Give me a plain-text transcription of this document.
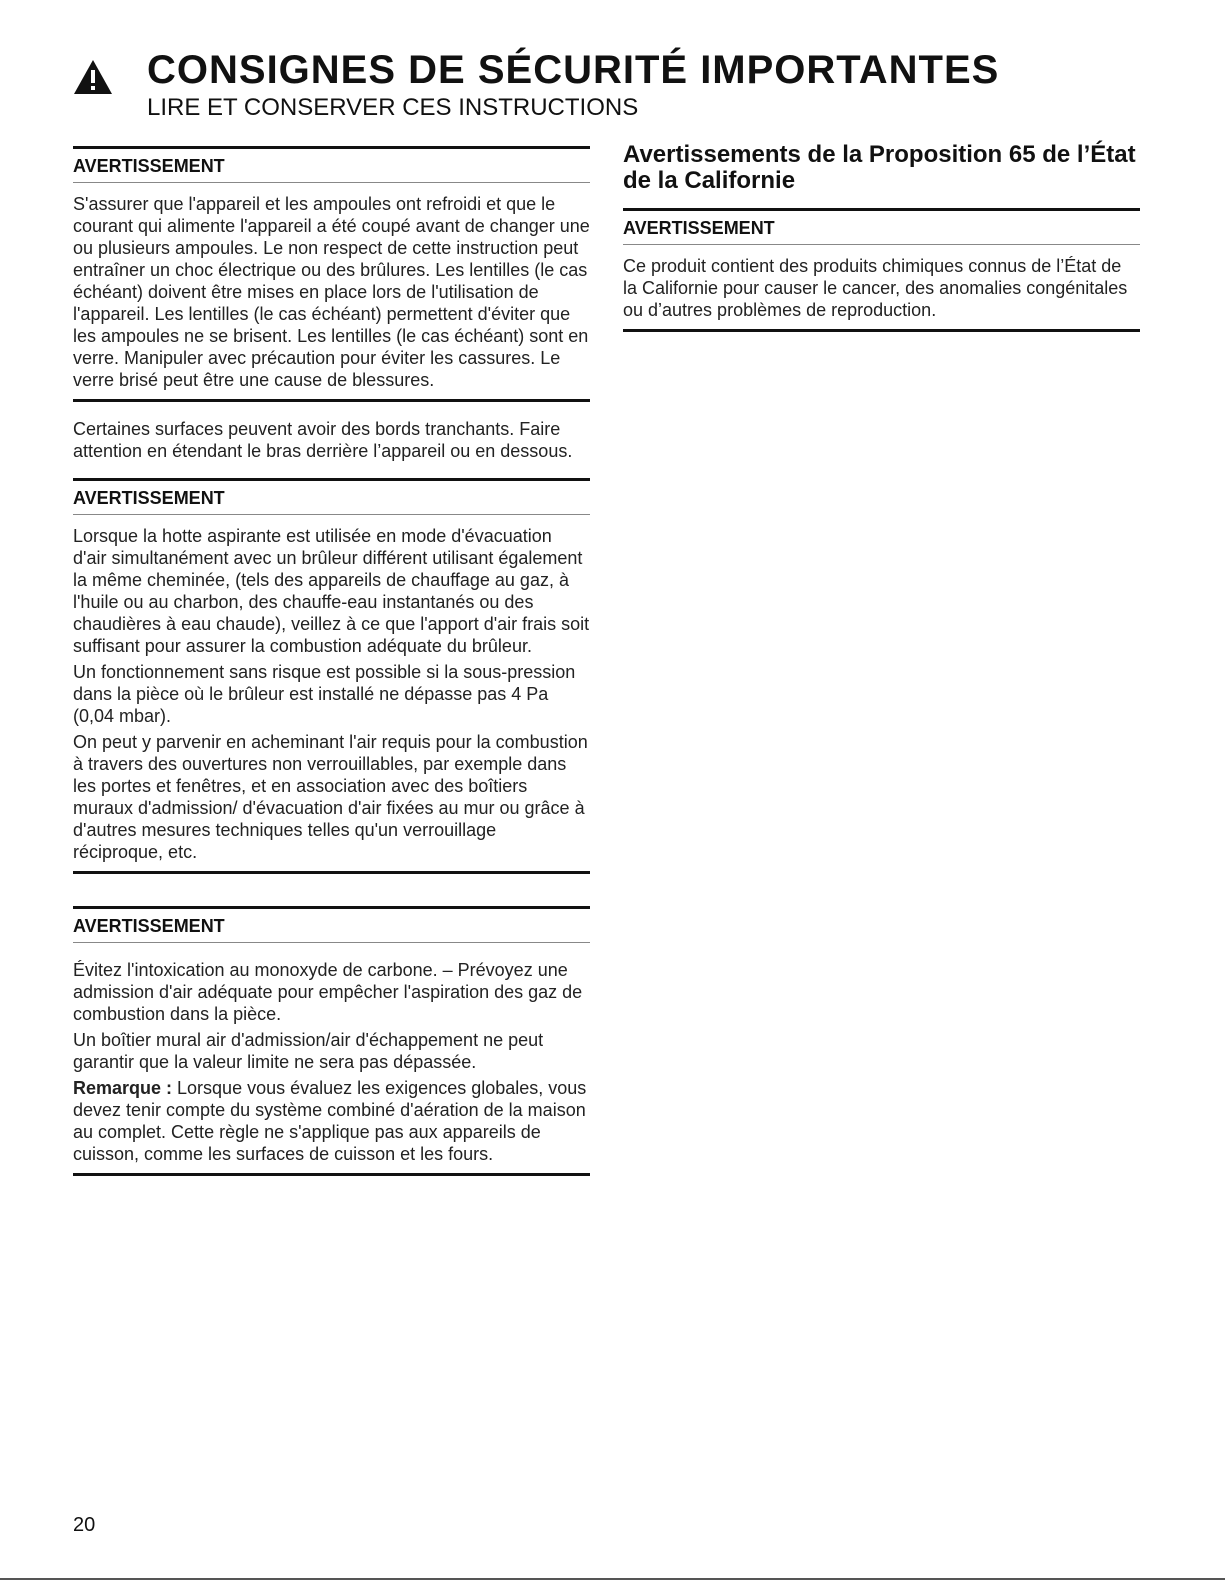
CONSIGNES DE SÉCURITÉ IMPORTANTES
LIRE ET CONSERVER CES INSTRUCTIONS

AVERTISSEMENT

S'assurer que l'appareil et les ampoules ont refroidi et que le courant qui alimente l'appareil a été coupé avant de changer une ou plusieurs ampoules. Le non respect de cette instruction peut entraîner un choc électrique ou des brûlures. Les lentilles (le cas échéant) doivent être mises en place lors de l'utilisation de l'appareil. Les lentilles (le cas échéant) permettent d'éviter que les ampoules ne se brisent. Les lentilles (le cas échéant) sont en verre. Manipuler avec précaution pour éviter les cassures. Le verre brisé peut être une cause de blessures.

Certaines surfaces peuvent avoir des bords tranchants. Faire attention en étendant le bras derrière l’appareil ou en dessous.

AVERTISSEMENT

Lorsque la hotte aspirante est utilisée en mode d'évacuation d'air simultanément avec un brûleur différent utilisant également la même cheminée, (tels des appareils de chauffage au gaz, à l'huile ou au charbon, des chauffe-eau instantanés ou des chaudières à eau chaude), veillez à ce que l'apport d'air frais soit suffisant pour assurer la combustion adéquate du brûleur.

Un fonctionnement sans risque est possible si la sous-pression dans la pièce où le brûleur est installé ne dépasse pas 4 Pa (0,04 mbar).

On peut y parvenir en acheminant l'air requis pour la combustion à travers des ouvertures non verrouillables, par exemple dans les portes et fenêtres, et en association avec des boîtiers muraux d'admission/ d'évacuation d'air fixées au mur ou grâce à d'autres mesures techniques telles qu'un verrouillage réciproque, etc.

AVERTISSEMENT

Évitez l'intoxication au monoxyde de carbone. – Prévoyez une admission d'air adéquate pour empêcher l'aspiration des gaz de combustion dans la pièce.

Un boîtier mural air d'admission/air d'échappement ne peut garantir que la valeur limite ne sera pas dépassée.

Remarque : Lorsque vous évaluez les exigences globales, vous devez tenir compte du système combiné d'aération de la maison au complet. Cette règle ne s'applique pas aux appareils de cuisson, comme les surfaces de cuisson et les fours.

Avertissements de la Proposition 65 de l’État de la Californie

AVERTISSEMENT

Ce produit contient des produits chimiques connus de l’État de la Californie pour causer le cancer, des anomalies congénitales ou d’autres problèmes de reproduction.

20
